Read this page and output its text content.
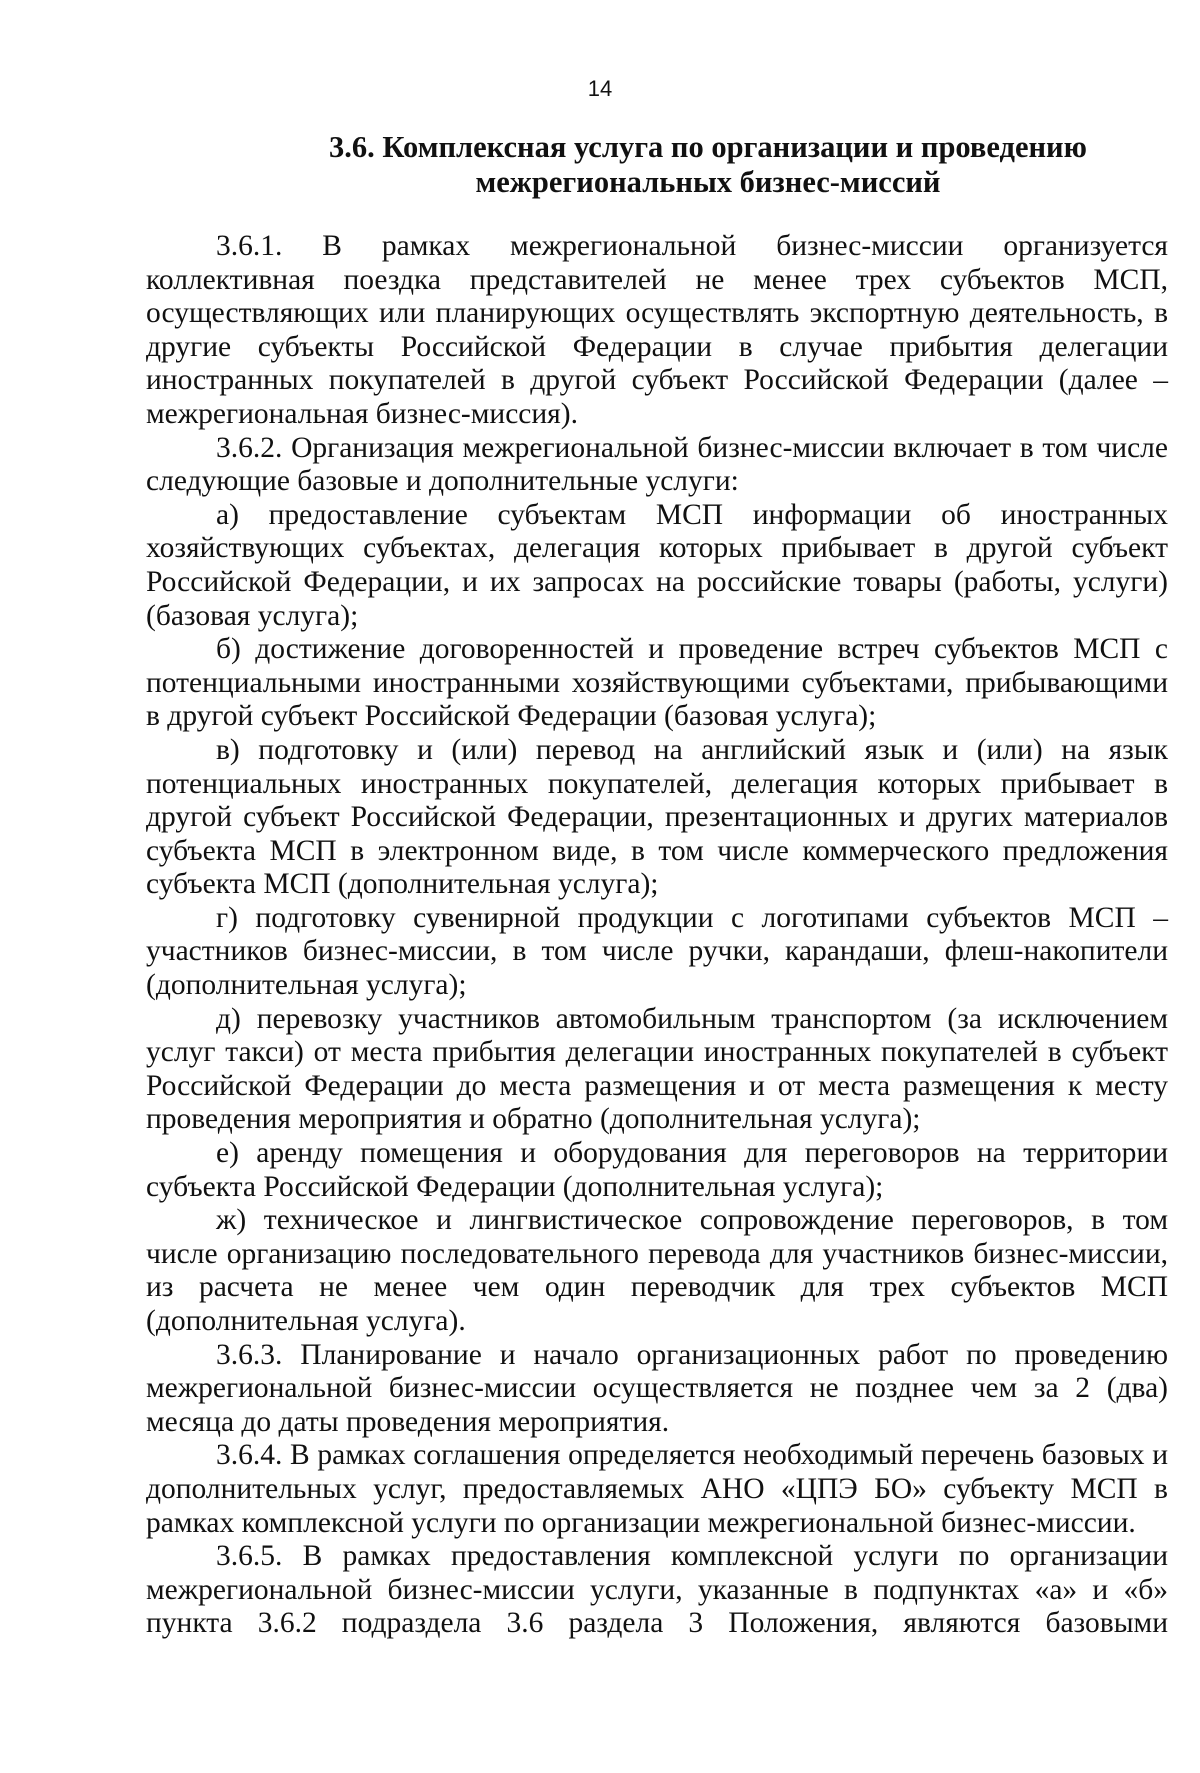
14
3.6. Комплексная услуга по организации и проведению
межрегиональных бизнес-миссий

3.6.1. В рамках межрегиональной бизнес-миссии организуется коллективная поездка представителей не менее трех субъектов МСП, осуществляющих или планирующих осуществлять экспортную деятельность, в другие субъекты Российской Федерации в случае прибытия делегации иностранных покупателей в другой субъект Российской Федерации (далее – межрегиональная бизнес-миссия).

3.6.2. Организация межрегиональной бизнес-миссии включает в том числе следующие базовые и дополнительные услуги:

а) предоставление субъектам МСП информации об иностранных хозяйствующих субъектах, делегация которых прибывает в другой субъект Российской Федерации, и их запросах на российские товары (работы, услуги) (базовая услуга);

б) достижение договоренностей и проведение встреч субъектов МСП с потенциальными иностранными хозяйствующими субъектами, прибывающими в другой субъект Российской Федерации (базовая услуга);

в) подготовку и (или) перевод на английский язык и (или) на язык потенциальных иностранных покупателей, делегация которых прибывает в другой субъект Российской Федерации, презентационных и других материалов субъекта МСП в электронном виде, в том числе коммерческого предложения субъекта МСП (дополнительная услуга);

г) подготовку сувенирной продукции с логотипами субъектов МСП – участников бизнес-миссии, в том числе ручки, карандаши, флеш-накопители (дополнительная услуга);

д) перевозку участников автомобильным транспортом (за исключением услуг такси) от места прибытия делегации иностранных покупателей в субъект Российской Федерации до места размещения и от места размещения к месту проведения мероприятия и обратно (дополнительная услуга);

е) аренду помещения и оборудования для переговоров на территории субъекта Российской Федерации (дополнительная услуга);

ж) техническое и лингвистическое сопровождение переговоров, в том числе организацию последовательного перевода для участников бизнес-миссии, из расчета не менее чем один переводчик для трех субъектов МСП (дополнительная услуга).

3.6.3. Планирование и начало организационных работ по проведению межрегиональной бизнес-миссии осуществляется не позднее чем за 2 (два) месяца до даты проведения мероприятия.

3.6.4. В рамках соглашения определяется необходимый перечень базовых и дополнительных услуг, предоставляемых АНО «ЦПЭ БО» субъекту МСП в рамках комплексной услуги по организации межрегиональной бизнес-миссии.

3.6.5. В рамках предоставления комплексной услуги по организации межрегиональной бизнес-миссии услуги, указанные в подпунктах «а» и «б» пункта 3.6.2 подраздела 3.6 раздела 3 Положения, являются базовыми
